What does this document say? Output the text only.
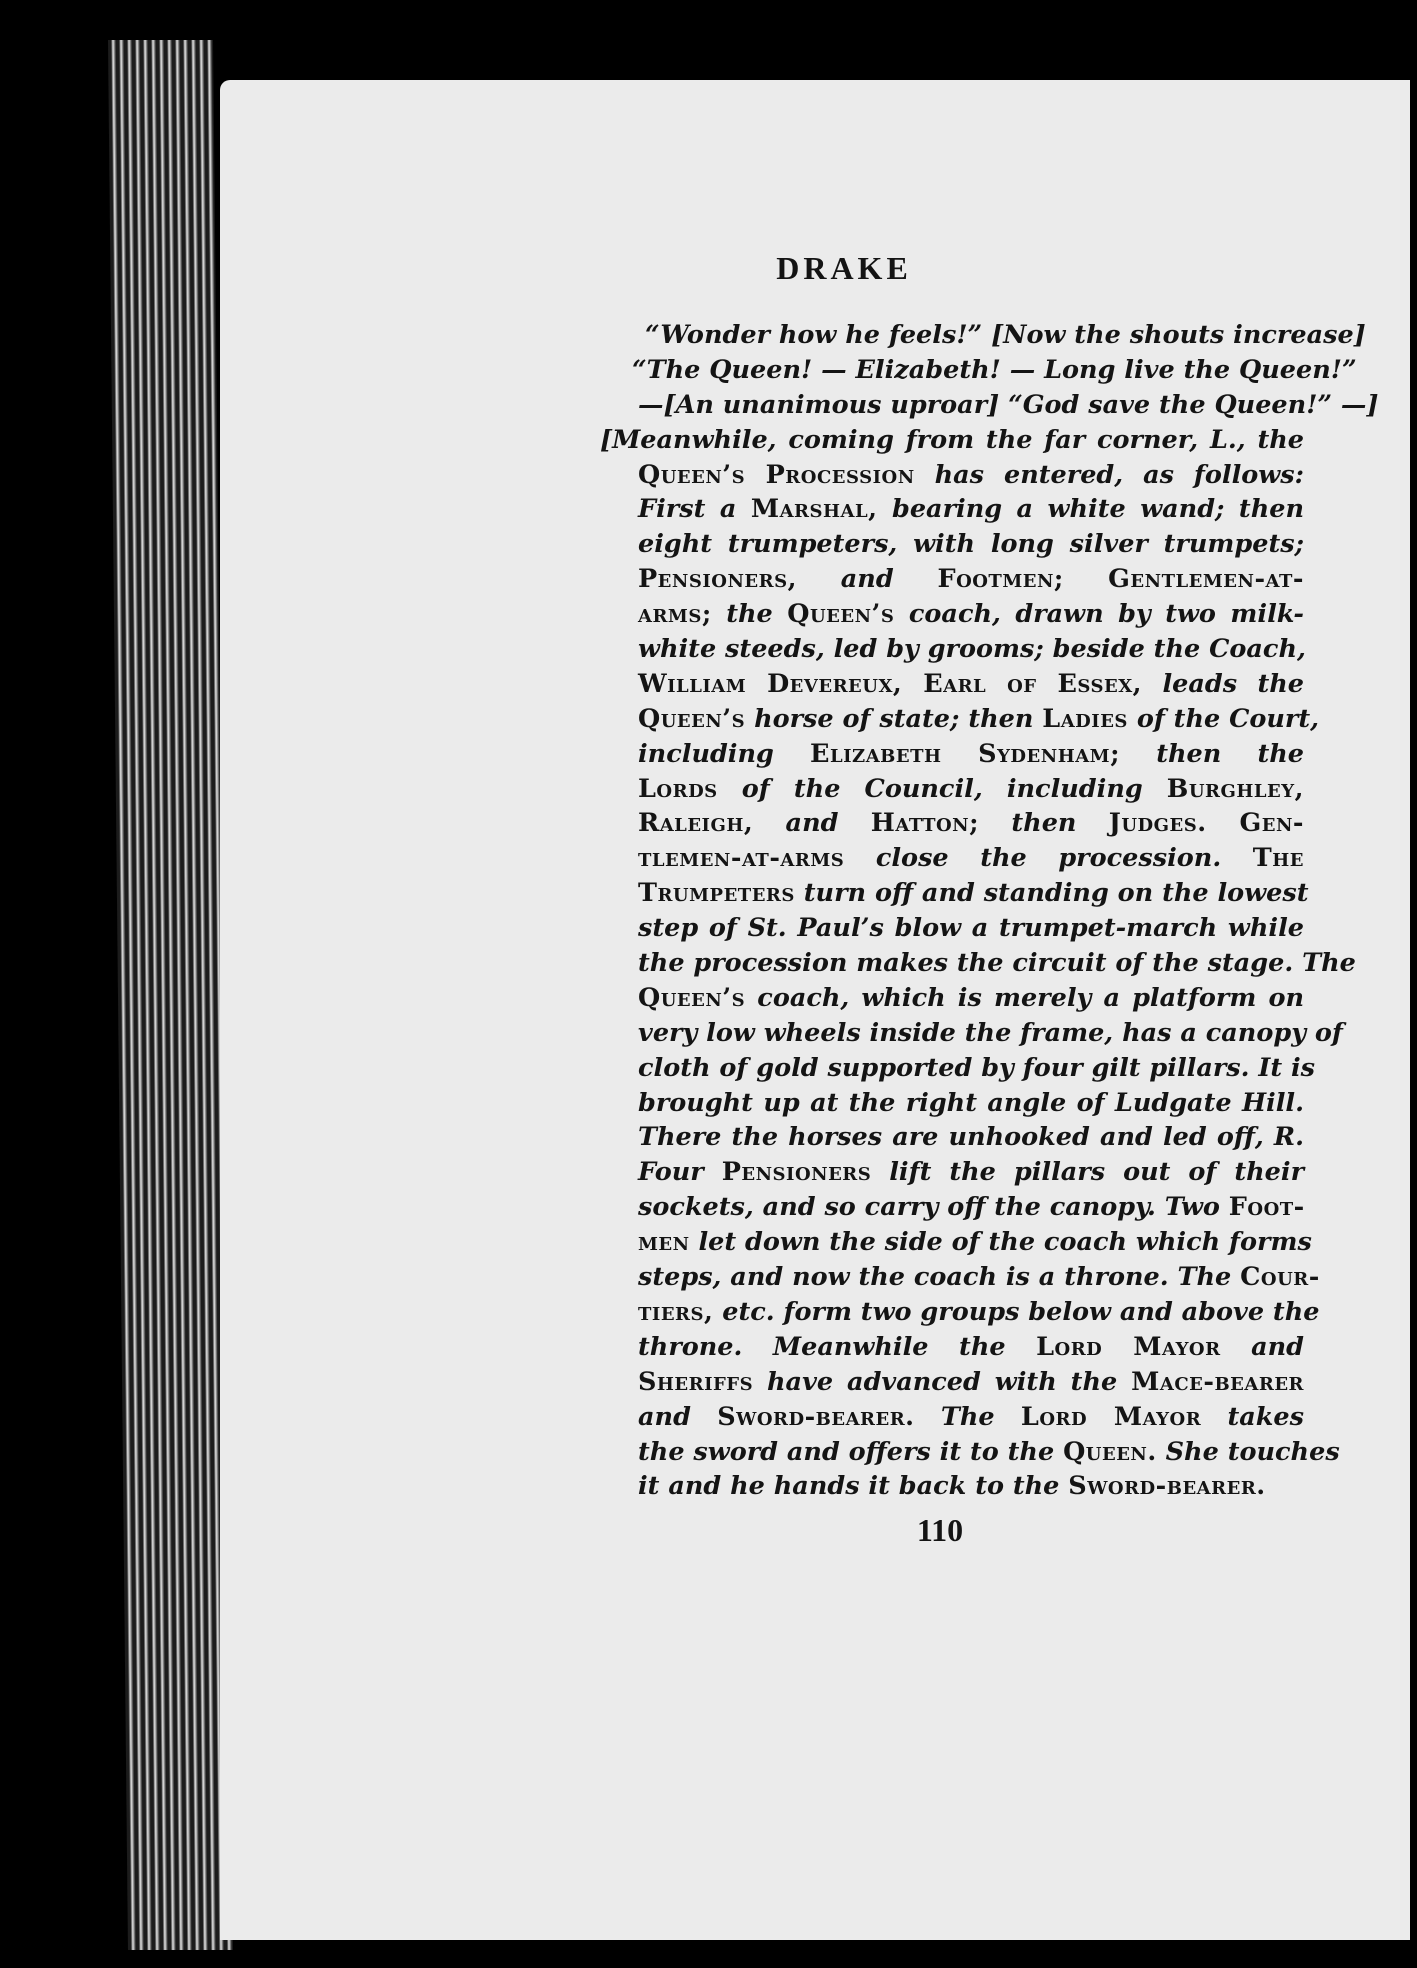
DRAKE
“Wonder how he feels!” [Now the shouts increase]
“The Queen! — Elizabeth! — Long live the Queen!”
—[An unanimous uproar] “God save the Queen!” —]
[Meanwhile, coming from the far corner, L., the
Queen’s Procession has entered, as follows:
First a Marshal, bearing a white wand; then
eight trumpeters, with long silver trumpets;
Pensioners, and Footmen; Gentlemen-at-
arms; the Queen’s coach, drawn by two milk-
white steeds, led by grooms; beside the Coach,
William Devereux, Earl of Essex, leads the
Queen’s horse of state; then Ladies of the Court,
including Elizabeth Sydenham; then the
Lords of the Council, including Burghley,
Raleigh, and Hatton; then Judges. Gen-
tlemen-at-arms close the procession. The
Trumpeters turn off and standing on the lowest
step of St. Paul’s blow a trumpet-march while
the procession makes the circuit of the stage. The
Queen’s coach, which is merely a platform on
very low wheels inside the frame, has a canopy of
cloth of gold supported by four gilt pillars. It is
brought up at the right angle of Ludgate Hill.
There the horses are unhooked and led off, R.
Four Pensioners lift the pillars out of their
sockets, and so carry off the canopy. Two Foot-
men let down the side of the coach which forms
steps, and now the coach is a throne. The Cour-
tiers, etc. form two groups below and above the
throne. Meanwhile the Lord Mayor and
Sheriffs have advanced with the Mace-bearer
and Sword-bearer. The Lord Mayor takes
the sword and offers it to the Queen. She touches
it and he hands it back to the Sword-bearer.
110
